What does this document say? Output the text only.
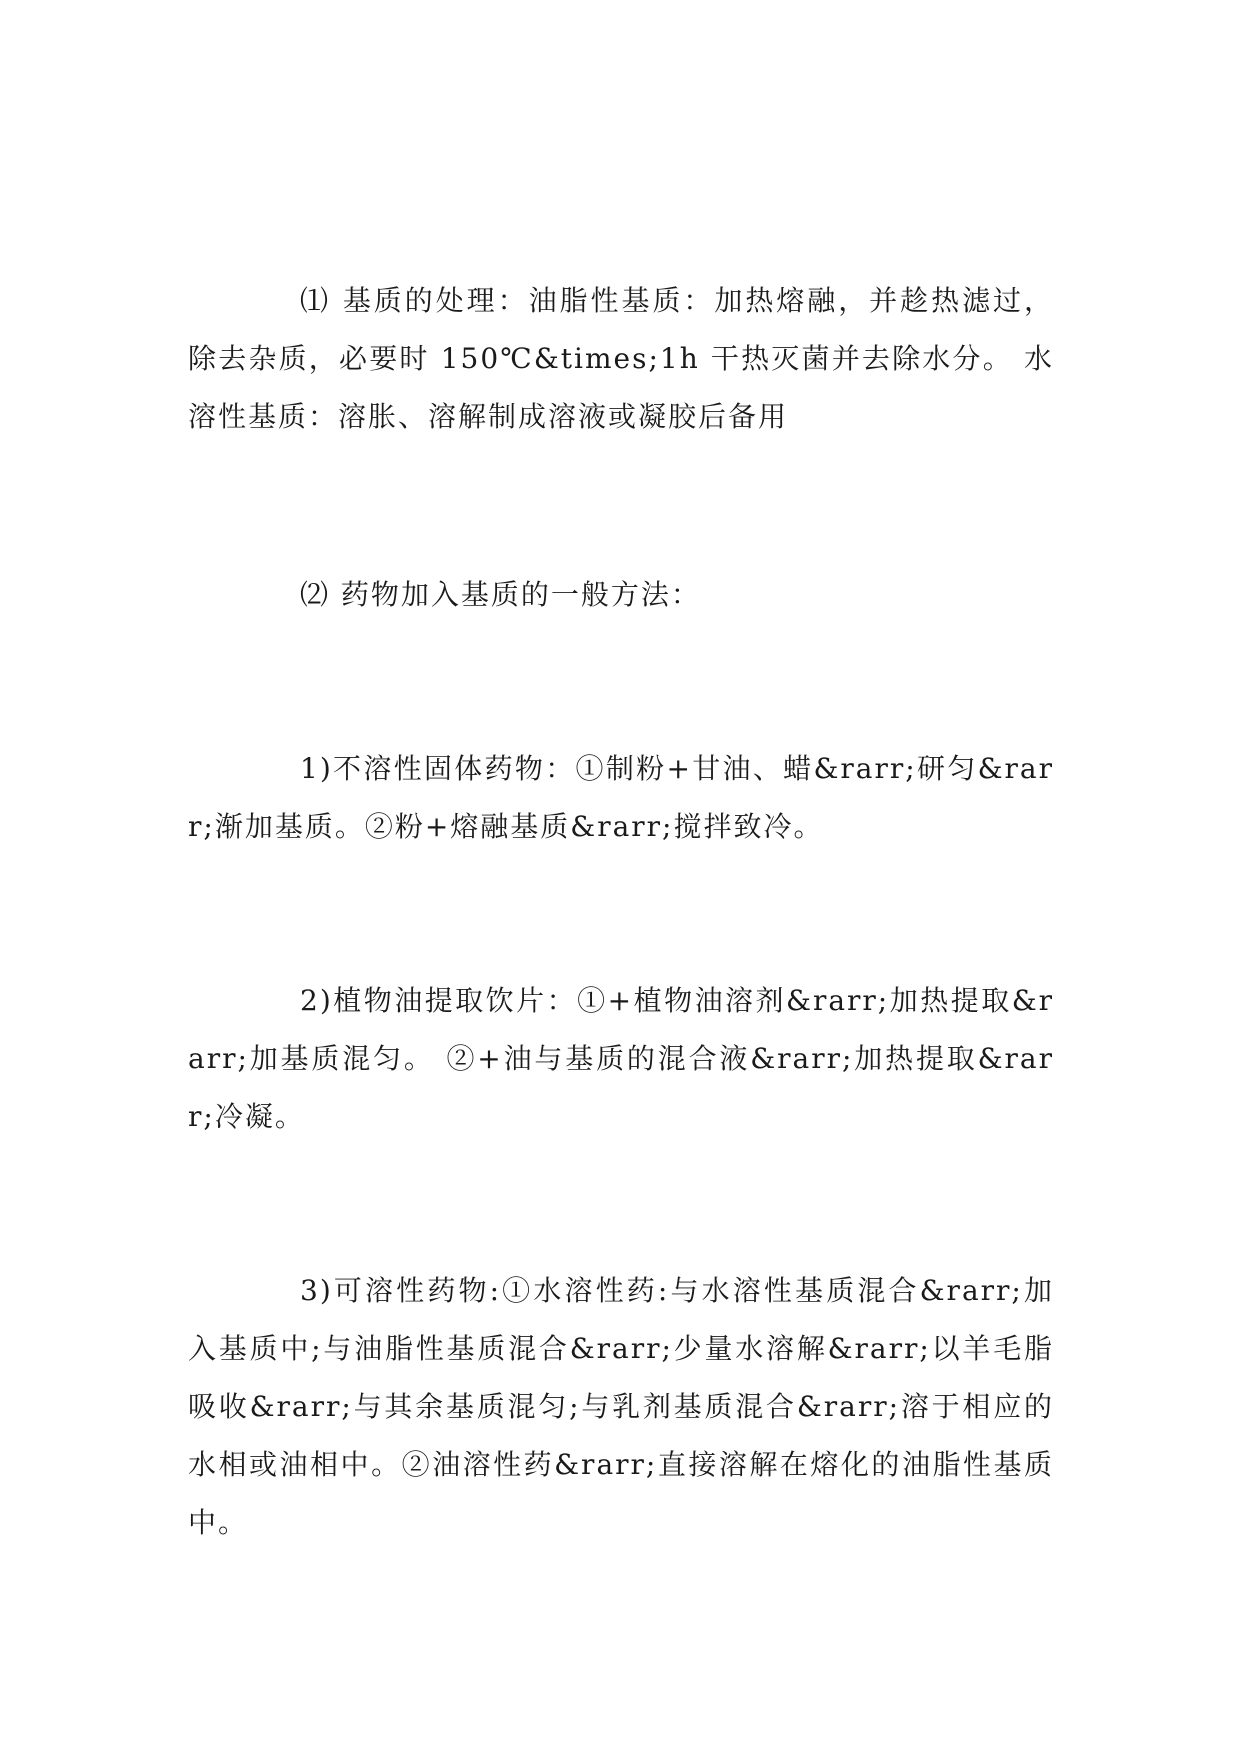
⑴ 基质的处理：油脂性基质：加热熔融，并趁热滤过，除去杂质，必要时 150℃&times;1h 干热灭菌并去除水分。 水溶性基质：溶胀、溶解制成溶液或凝胶后备用

⑵ 药物加入基质的一般方法：

1)不溶性固体药物：①制粉+甘油、蜡&rarr;研匀&rarr;渐加基质。②粉+熔融基质&rarr;搅拌致冷。

2)植物油提取饮片：①+植物油溶剂&rarr;加热提取&rarr;加基质混匀。 ②+油与基质的混合液&rarr;加热提取&rarr;冷凝。

3)可溶性药物:①水溶性药:与水溶性基质混合&rarr;加入基质中;与油脂性基质混合&rarr;少量水溶解&rarr;以羊毛脂吸收&rarr;与其余基质混匀;与乳剂基质混合&rarr;溶于相应的水相或油相中。②油溶性药&rarr;直接溶解在熔化的油脂性基质中。
